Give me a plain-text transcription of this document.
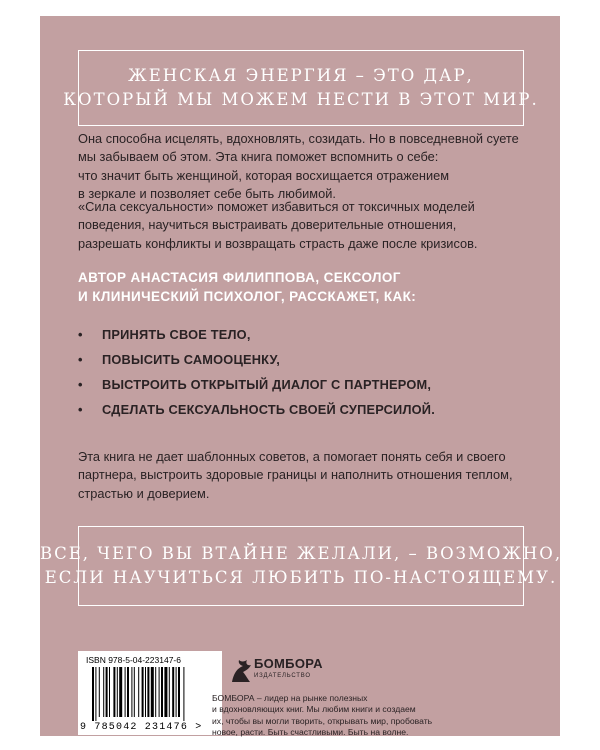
ЖЕНСКАЯ ЭНЕРГИЯ – ЭТО ДАР,
КОТОРЫЙ МЫ МОЖЕМ НЕСТИ В ЭТОТ МИР.
Она способна исцелять, вдохновлять, созидать. Но в повседневной суете
мы забываем об этом. Эта книга поможет вспомнить о себе:
что значит быть женщиной, которая восхищается отражением
в зеркале и позволяет себе быть любимой.
«Сила сексуальности» поможет избавиться от токсичных моделей
поведения, научиться выстраивать доверительные отношения,
разрешать конфликты и возвращать страсть даже после кризисов.
АВТОР АНАСТАСИЯ ФИЛИППОВА, СЕКСОЛОГ
И КЛИНИЧЕСКИЙ ПСИХОЛОГ, РАССКАЖЕТ, КАК:
• ПРИНЯТЬ СВОЕ ТЕЛО,
• ПОВЫСИТЬ САМООЦЕНКУ,
• ВЫСТРОИТЬ ОТКРЫТЫЙ ДИАЛОГ С ПАРТНЕРОМ,
• СДЕЛАТЬ СЕКСУАЛЬНОСТЬ СВОЕЙ СУПЕРСИЛОЙ.
Эта книга не дает шаблонных советов, а помогает понять себя и своего
партнера, выстроить здоровые границы и наполнить отношения теплом,
страстью и доверием.
ВСЕ, ЧЕГО ВЫ ВТАЙНЕ ЖЕЛАЛИ, – ВОЗМОЖНО,
ЕСЛИ НАУЧИТЬСЯ ЛЮБИТЬ ПО-НАСТОЯЩЕМУ.
ISBN 978-5-04-223147-6
9 785042 231476 >
БОМБОРА
ИЗДАТЕЛЬСТВО
БОМБОРА – лидер на рынке полезных
и вдохновляющих книг. Мы любим книги и создаем
их, чтобы вы могли творить, открывать мир, пробовать
новое, расти. Быть счастливыми. Быть на волне.
